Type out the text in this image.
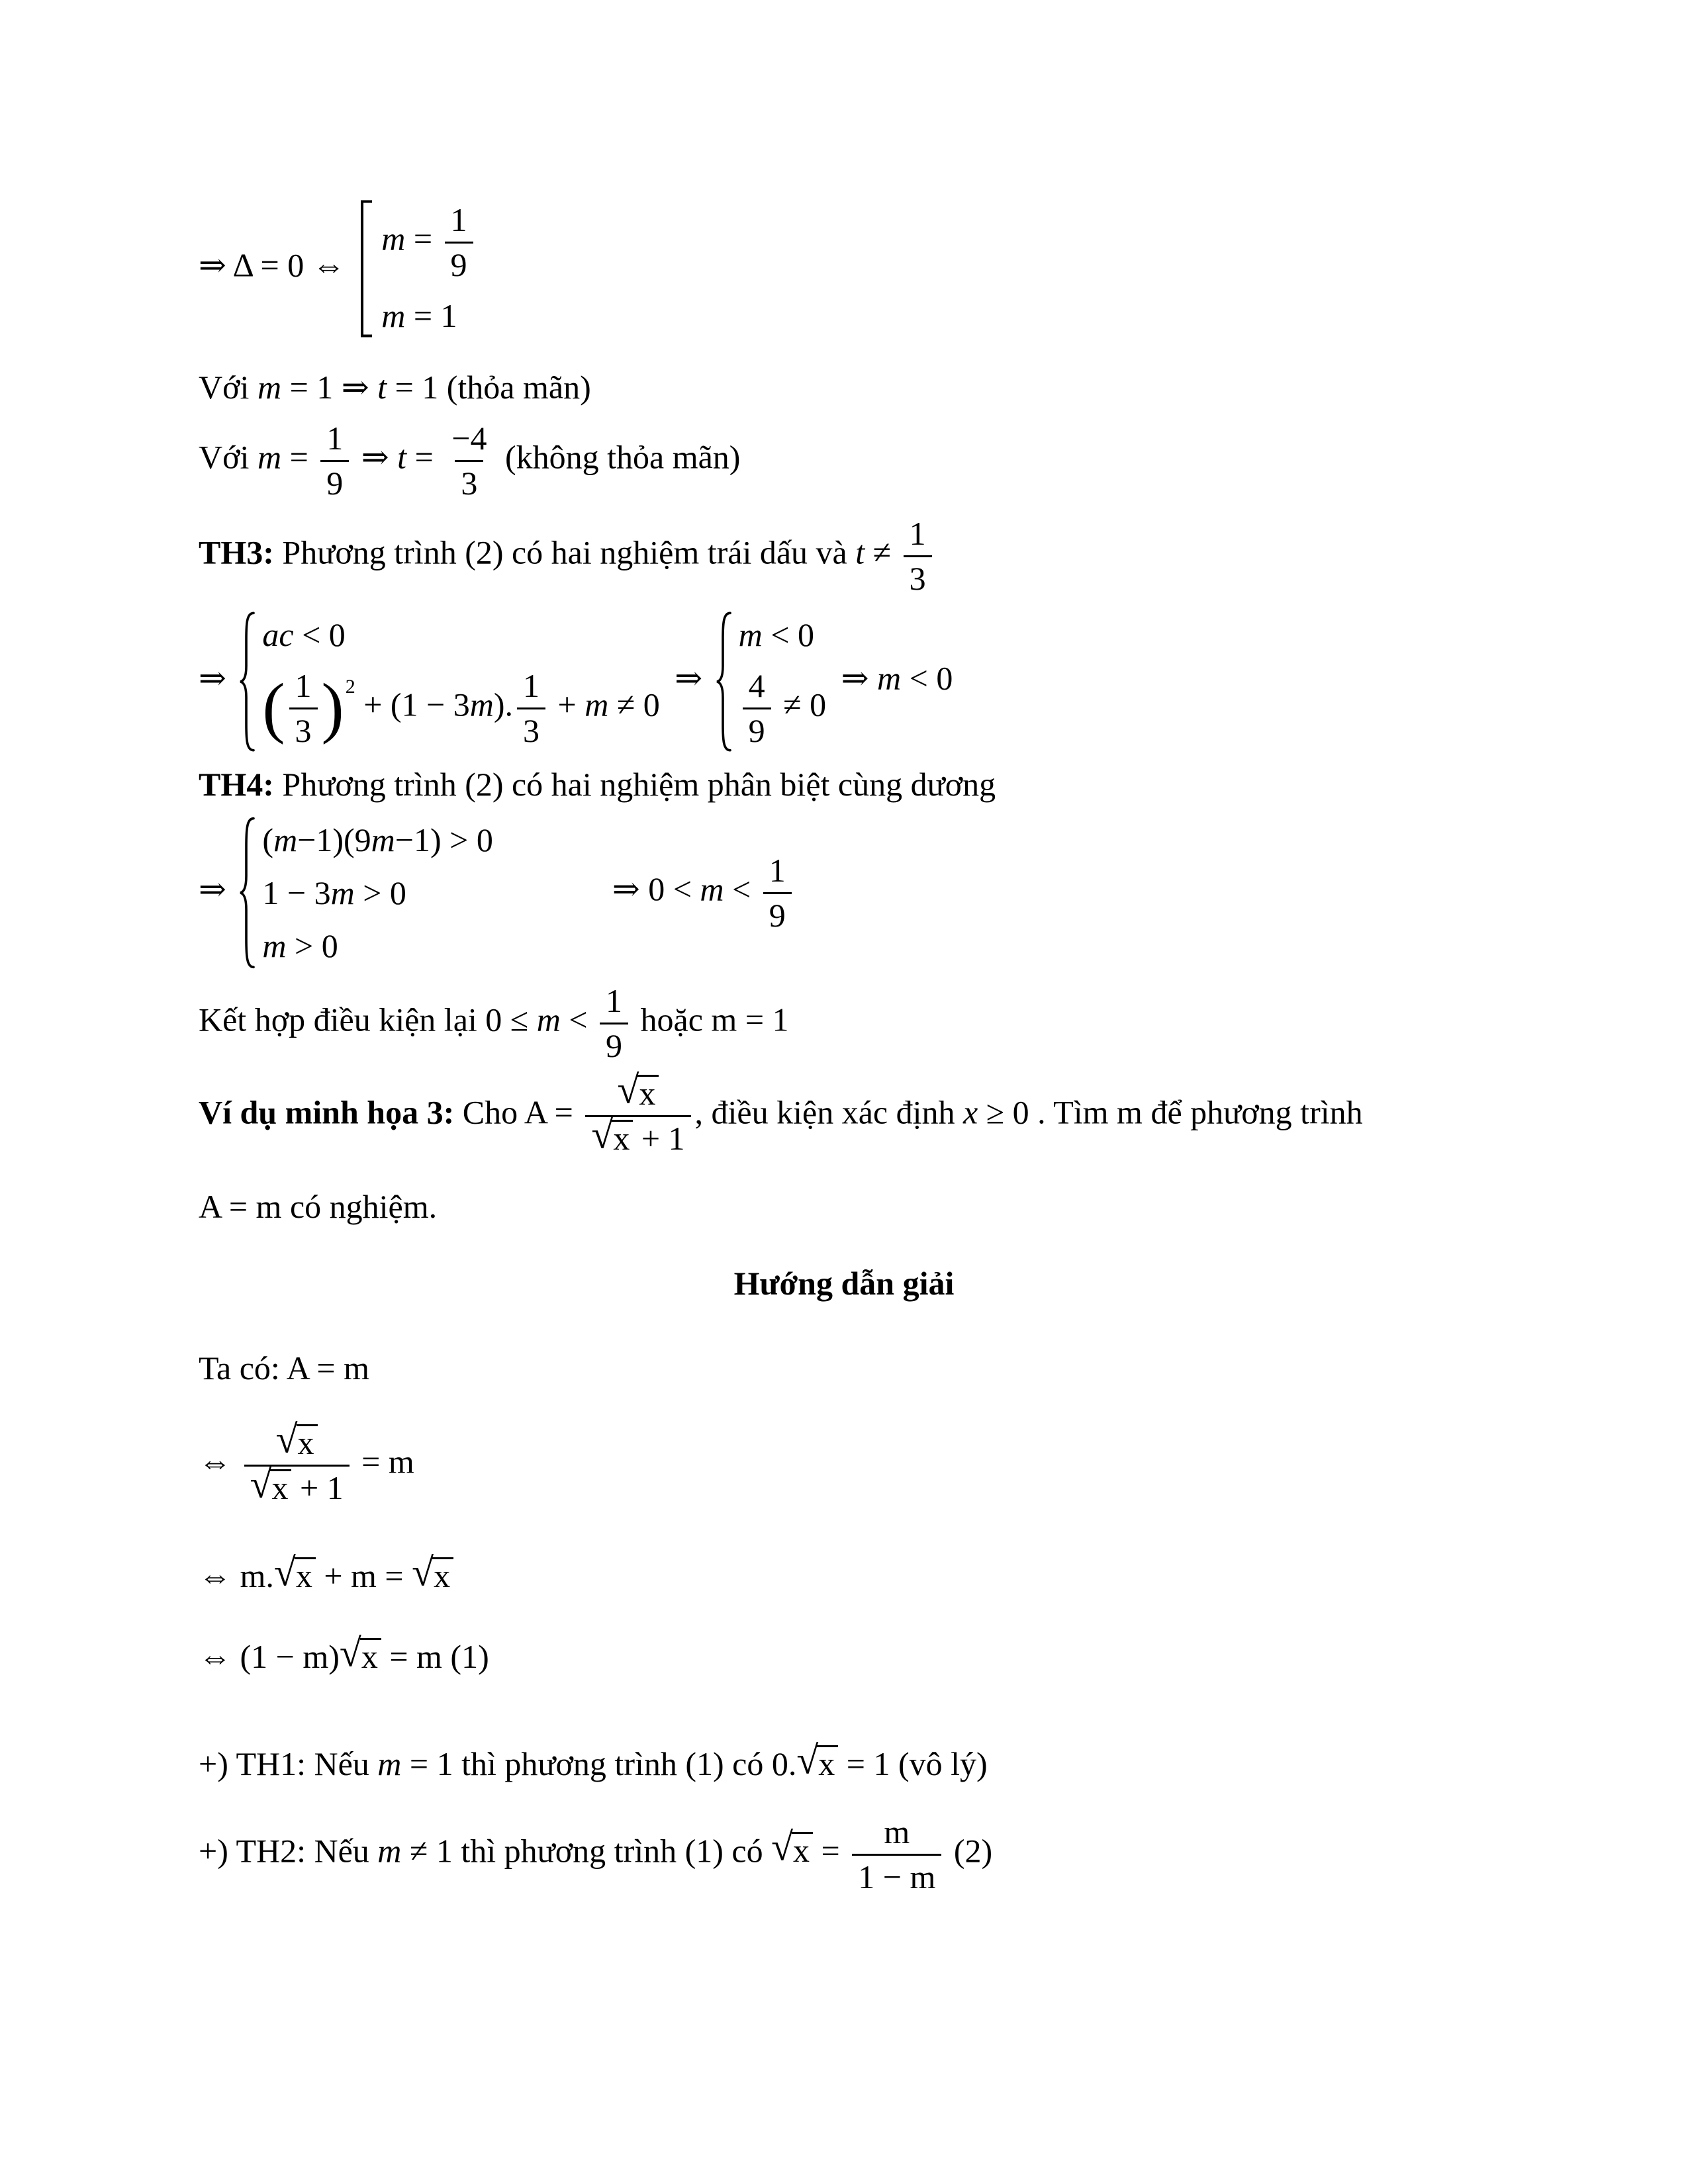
⇒ Δ = 0 ⇔
$m = \frac{1}{9}$
m = 1
Với m = 1 ⇒ t = 1 (thỏa mãn)
Với $m = \frac{1}{9}$ ⇒ $t = \frac{-4}{3}$ (không thỏa mãn)
TH3: Phương trình (2) có hai nghiệm trái dấu và $t \ne \frac{1}{3}$
⇒
ac < 0
( $\frac{1}{3} )^2 + (1 - 3m)$. $\frac{1}{3} + m \ne 0$
⇒
m < 0
$\frac{4}{9} \ne 0$
⇒ m < 0
TH4: Phương trình (2) có hai nghiệm phân biệt cùng dương
⇒
(m−1)(9m−1) > 0
1 − 3m > 0
m > 0
⇒ $0 < m < \frac{1}{9}$
Kết hợp điều kiện lại $0 \le m < \frac{1}{9}$ hoặc m = 1
Ví dụ minh họa 3: Cho $A = \frac{√ x}{√ x + 1}$ , điều kiện xác định x ≥ 0 . Tìm m để phương trình
A = m có nghiệm.
Hướng dẫn giải
Ta có: A = m
⇔ $\frac{√ x}{√ x + 1} = m$
⇔ m. √ x + m = √ x
⇔ (1 − m) √ x = m (1)
+) TH1: Nếu m = 1 thì phương trình (1) có 0. √ x = 1 (vô lý)
+) TH2: Nếu m ≠ 1 thì phương trình (1) có √ $x = \frac{m}{1 - m} (2)$
